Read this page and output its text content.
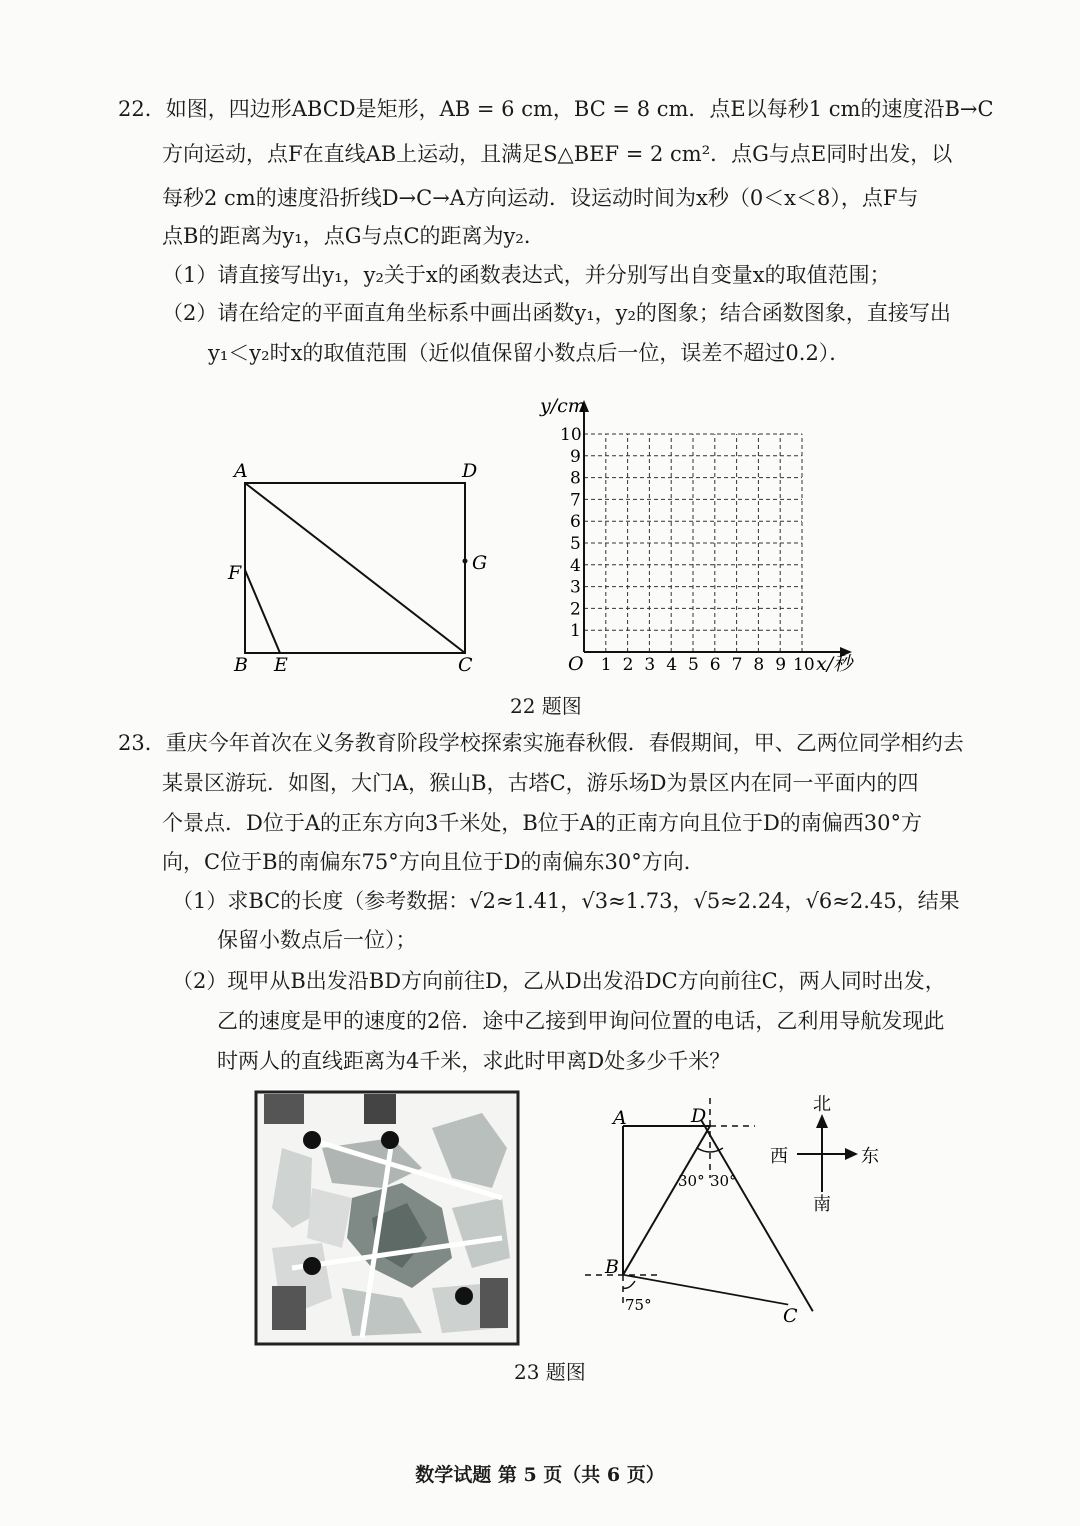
22．如图，四边形ABCD是矩形，AB = 6 cm，BC = 8 cm．点E以每秒1 cm的速度沿B→C
方向运动，点F在直线AB上运动，且满足S△BEF = 2 cm²．点G与点E同时出发，以
每秒2 cm的速度沿折线D→C→A方向运动．设运动时间为x秒（0＜x＜8），点F与
点B的距离为y₁，点G与点C的距离为y₂．
（1）请直接写出y₁，y₂关于x的函数表达式，并分别写出自变量x的取值范围；
（2）请在给定的平面直角坐标系中画出函数y₁，y₂的图象；结合函数图象，直接写出
y₁＜y₂时x的取值范围（近似值保留小数点后一位，误差不超过0.2）．
A	D
F	G
B E	C
y/cm
x/秒
O 1 2 3 4 5 6 7 8 9 10
1
2
3
4
5
6
7
8
9
10
22 题图
23．重庆今年首次在义务教育阶段学校探索实施春秋假．春假期间，甲、乙两位同学相约去
某景区游玩．如图，大门A，猴山B，古塔C，游乐场D为景区内在同一平面内的四
个景点．D位于A的正东方向3千米处，B位于A的正南方向且位于D的南偏西30°方
向，C位于B的南偏东75°方向且位于D的南偏东30°方向．
（1）求BC的长度（参考数据：√2≈1.41，√3≈1.73，√5≈2.24，√6≈2.45，结果
保留小数点后一位）；
（2）现甲从B出发沿BD方向前往D，乙从D出发沿DC方向前往C，两人同时出发，
乙的速度是甲的速度的2倍．途中乙接到甲询问位置的电话，乙利用导航发现此
时两人的直线距离为4千米，求此时甲离D处多少千米？
A	D
B
C
30° 30°
75°
北
南
西	东
23 题图
数学试题 第 5 页（共 6 页）
